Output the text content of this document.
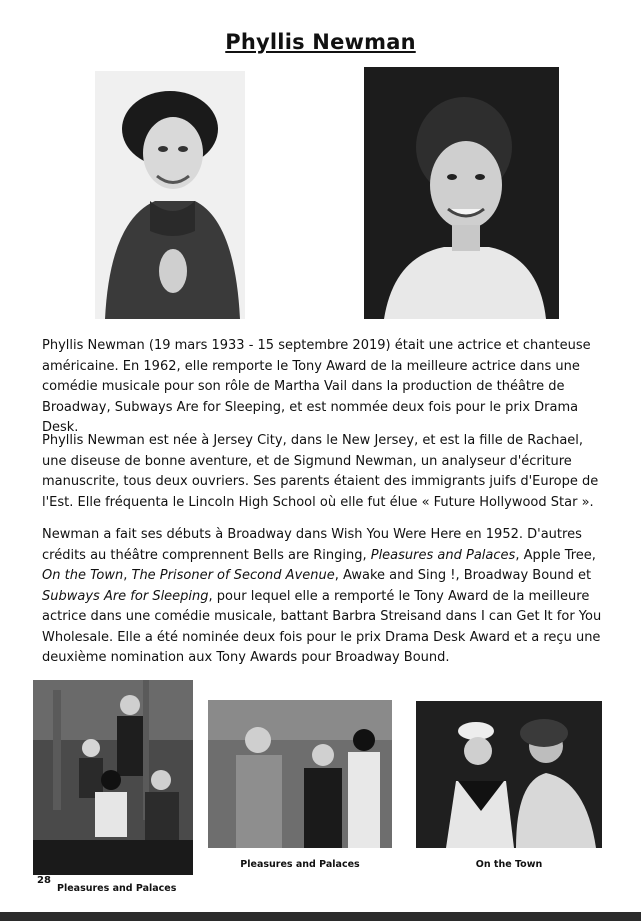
Phyllis Newman

Phyllis Newman (19 mars 1933 - 15 septembre 2019) était une actrice et chanteuse américaine. En 1962, elle remporte le Tony Award de la meilleure actrice dans une comédie musicale pour son rôle de Martha Vail dans la production de théâtre de Broadway, Subways Are for Sleeping, et est nommée deux fois pour le prix Drama Desk.

Phyllis Newman est née à Jersey City, dans le New Jersey, et est la fille de Rachael, une diseuse de bonne aventure, et de Sigmund Newman, un analyseur d'écriture manuscrite, tous deux ouvriers. Ses parents étaient des immigrants juifs d'Europe de l'Est. Elle fréquenta le Lincoln High School où elle fut élue « Future Hollywood Star ».

Newman a fait ses débuts à Broadway dans Wish You Were Here en 1952. D'autres crédits au théâtre comprennent Bells are Ringing, Pleasures and Palaces, Apple Tree, On the Town, The Prisoner of Second Avenue, Awake and Sing !, Broadway Bound et Subways Are for Sleeping, pour lequel elle a remporté le Tony Award de la meilleure actrice dans une comédie musicale, battant Barbra Streisand dans I can Get It for You Wholesale. Elle a été nominée deux fois pour le prix Drama Desk Award et a reçu une deuxième nomination aux Tony Awards pour Broadway Bound.

Pleasures and Palaces
Pleasures and Palaces	On the Town
28
